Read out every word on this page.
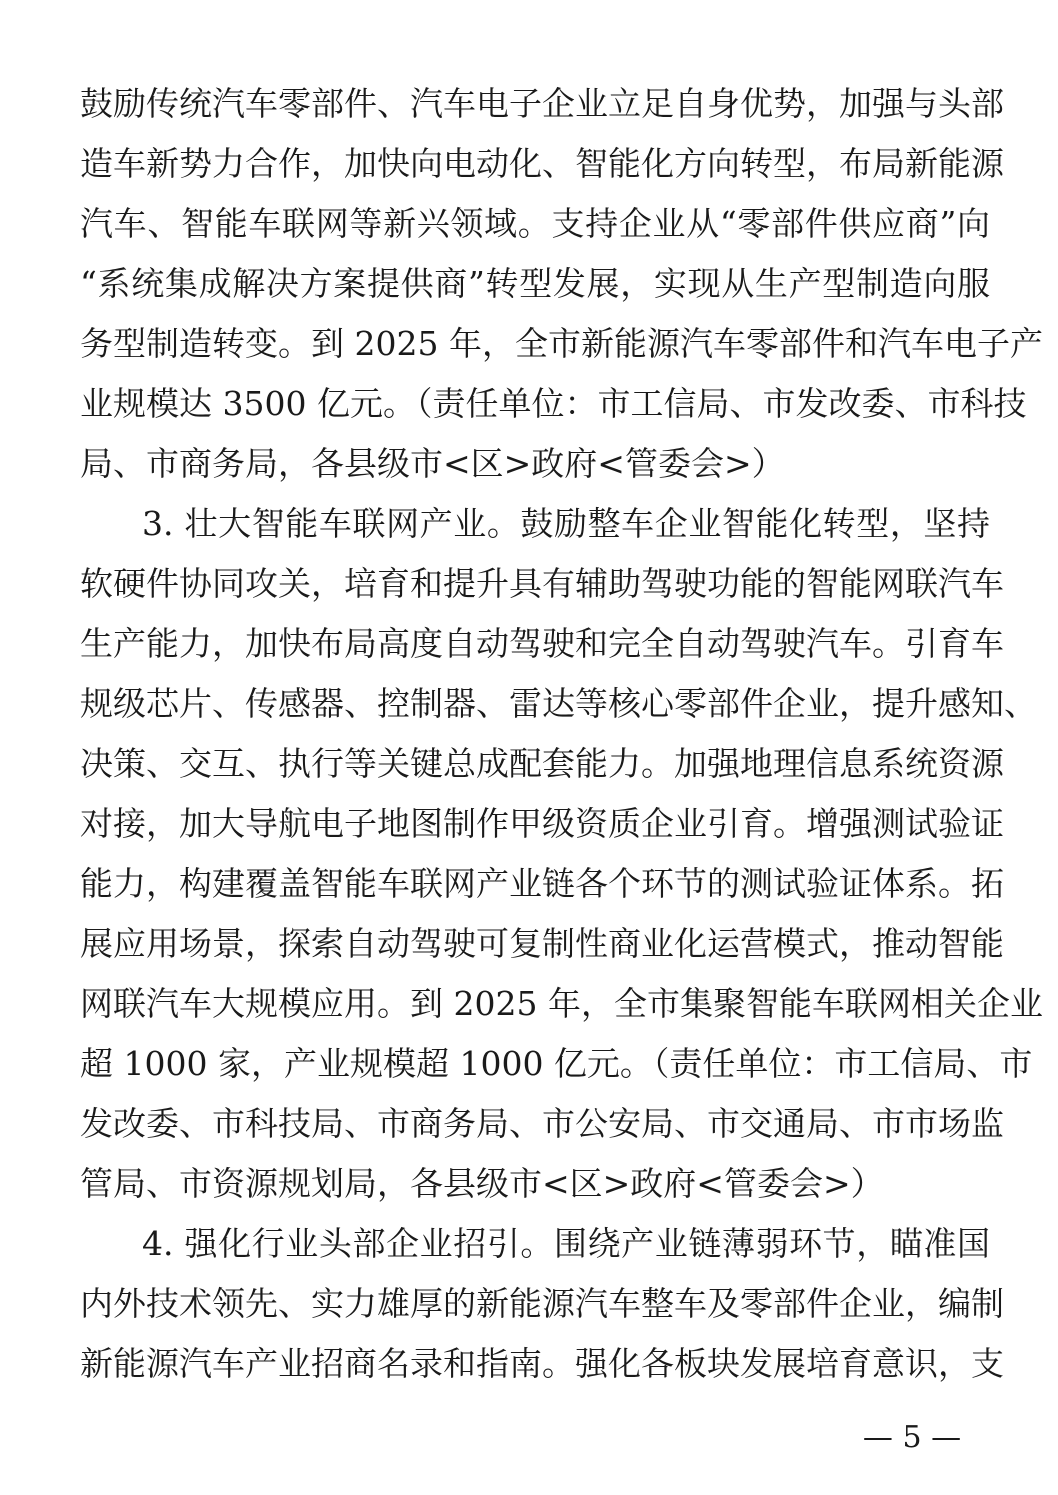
鼓励传统汽车零部件、汽车电子企业立足自身优势，加强与头部
造车新势力合作，加快向电动化、智能化方向转型，布局新能源
汽车、智能车联网等新兴领域。支持企业从“零部件供应商”向
“系统集成解决方案提供商”转型发展，实现从生产型制造向服
务型制造转变。到 2025 年，全市新能源汽车零部件和汽车电子产
业规模达 3500 亿元。（责任单位：市工信局、市发改委、市科技
局、市商务局，各县级市<区>政府<管委会>）
3. 壮大智能车联网产业。鼓励整车企业智能化转型，坚持
软硬件协同攻关，培育和提升具有辅助驾驶功能的智能网联汽车
生产能力，加快布局高度自动驾驶和完全自动驾驶汽车。引育车
规级芯片、传感器、控制器、雷达等核心零部件企业，提升感知、
决策、交互、执行等关键总成配套能力。加强地理信息系统资源
对接，加大导航电子地图制作甲级资质企业引育。增强测试验证
能力，构建覆盖智能车联网产业链各个环节的测试验证体系。拓
展应用场景，探索自动驾驶可复制性商业化运营模式，推动智能
网联汽车大规模应用。到 2025 年，全市集聚智能车联网相关企业
超 1000 家，产业规模超 1000 亿元。（责任单位：市工信局、市
发改委、市科技局、市商务局、市公安局、市交通局、市市场监
管局、市资源规划局，各县级市<区>政府<管委会>）
4. 强化行业头部企业招引。围绕产业链薄弱环节，瞄准国
内外技术领先、实力雄厚的新能源汽车整车及零部件企业，编制
新能源汽车产业招商名录和指南。强化各板块发展培育意识，支
— 5 —
